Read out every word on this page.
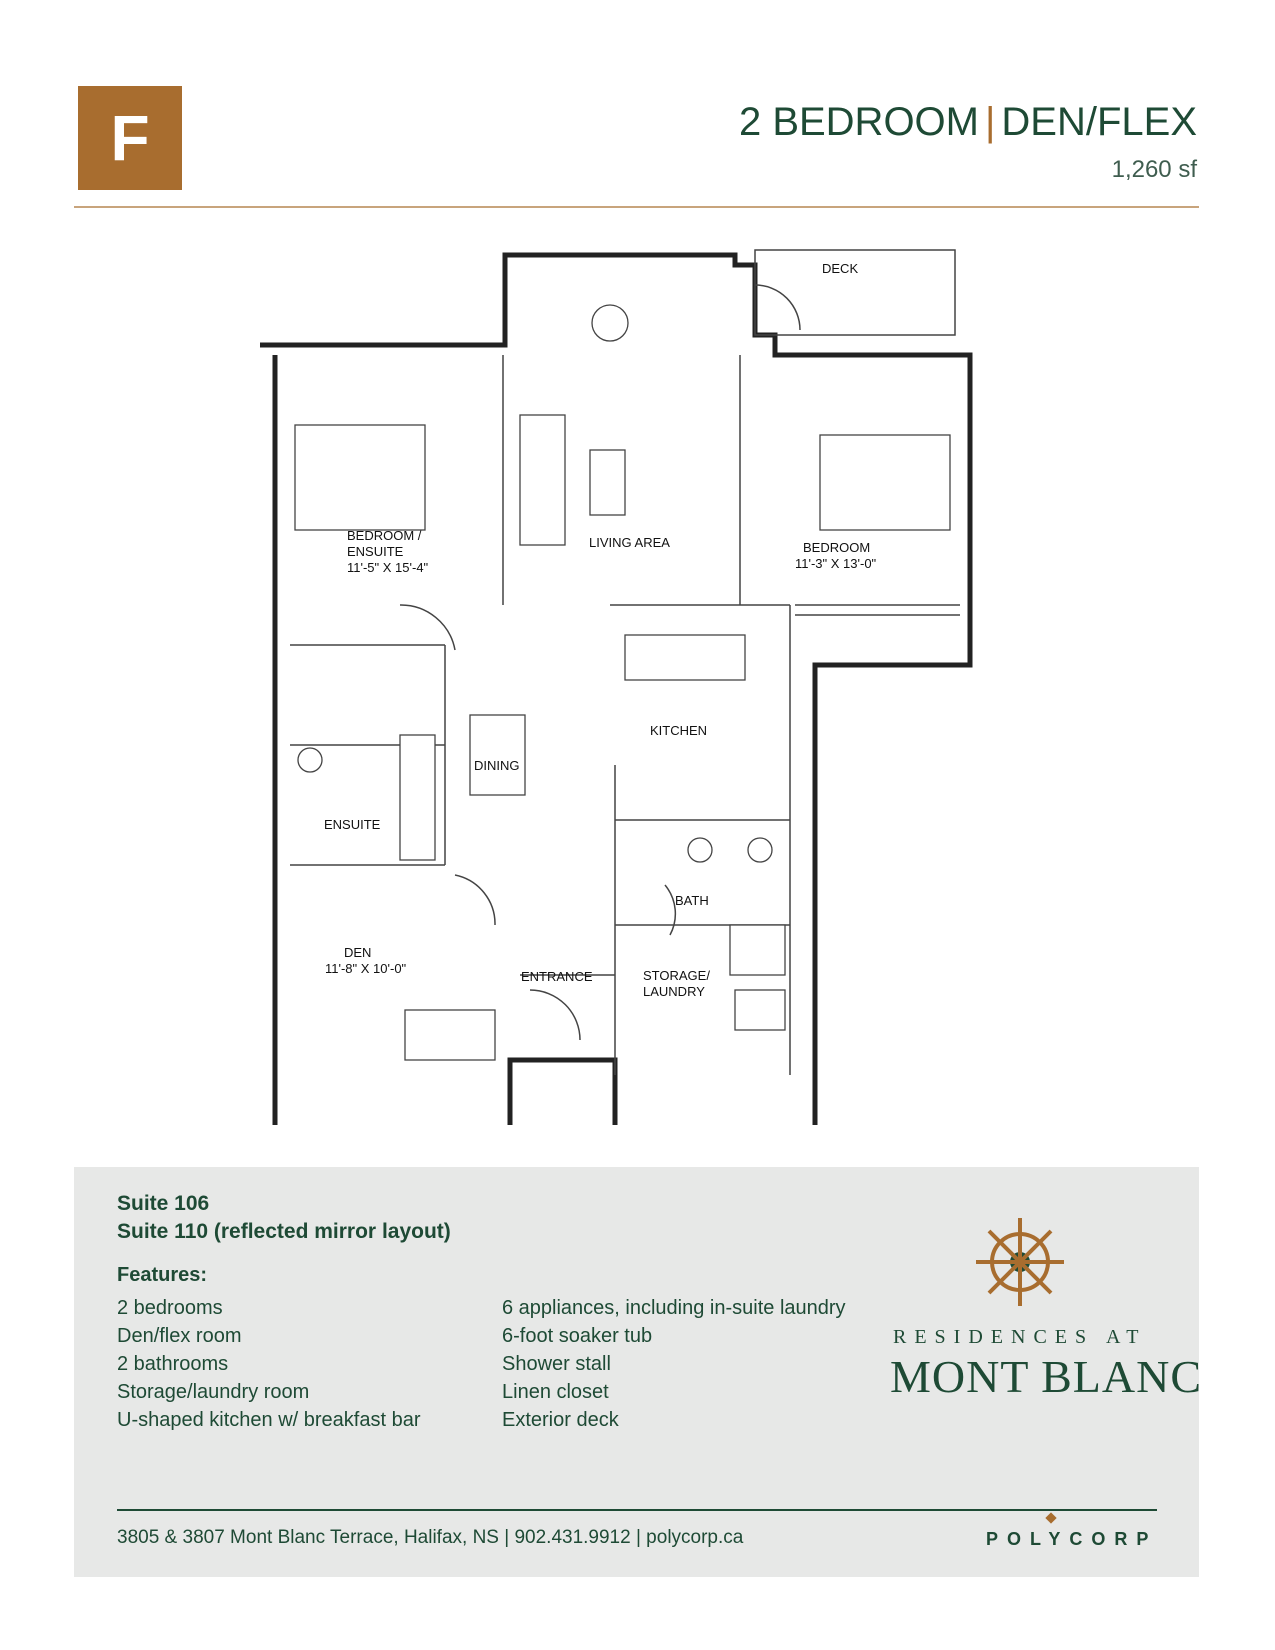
F	2 BEDROOM | DEN/FLEX
1,260 sf
DECK
LIVING AREA
BEDROOM /
ENSUITE
11'-5" X 15'-4"
BEDROOM
11'-3" X 13'-0"
KITCHEN
DINING
ENSUITE
BATH
DEN
11'-8" X 10'-0"
ENTRANCE	STORAGE/
LAUNDRY
Suite 106
Suite 110 (reflected mirror layout)
Features:
2 bedrooms
Den/flex room
2 bathrooms
Storage/laundry room
U-shaped kitchen w/ breakfast bar
6 appliances, including in-suite laundry
6-foot soaker tub
Shower stall
Linen closet
Exterior deck
RESIDENCES AT
MONT BLANC
3805 & 3807 Mont Blanc Terrace, Halifax, NS | 902.431.9912 | polycorp.ca	POLYCORP
